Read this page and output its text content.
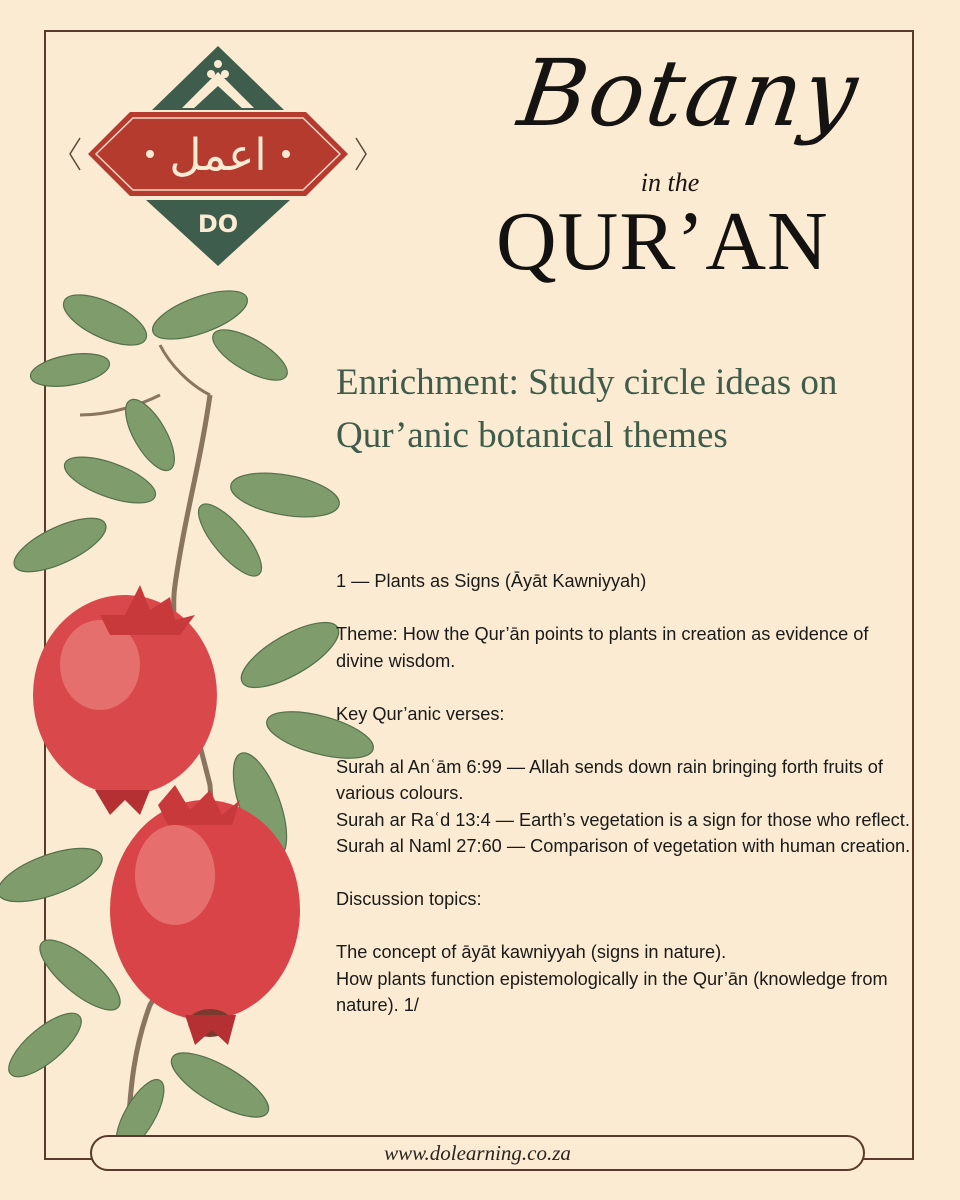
اعمل
DO
Botany
in the
QUR’AN
Enrichment: Study circle ideas on Qur’anic botanical themes

1 — Plants as Signs (Āyāt Kawniyyah)

Theme: How the Qur’ān points to plants in creation as evidence of divine wisdom.

Key Qur’anic verses:

Surah al Anʿām 6:99 — Allah sends down rain bringing forth fruits of various colours.

Surah ar Raʿd 13:4 — Earth’s vegetation is a sign for those who reflect.

Surah al Naml 27:60 — Comparison of vegetation with human creation.

Discussion topics:

The concept of āyāt kawniyyah (signs in nature).

How plants function epistemologically in the Qur’ān (knowledge from nature). 1/

www.dolearning.co.za
